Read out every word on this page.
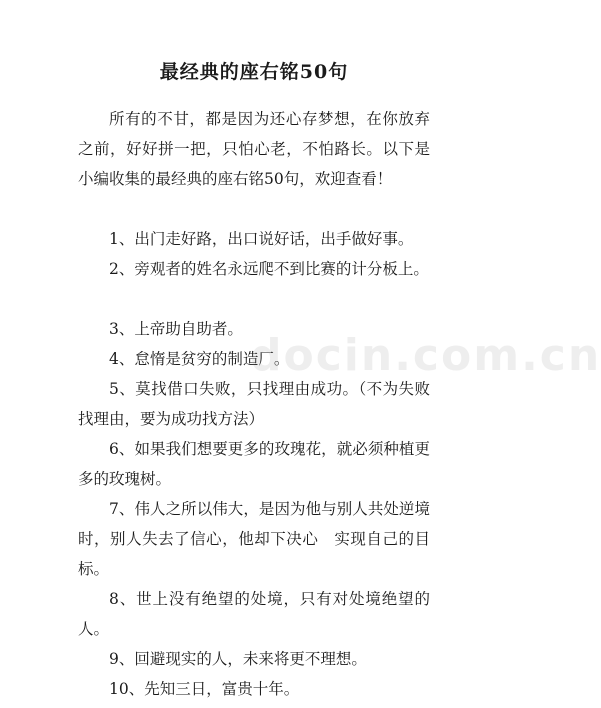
最经典的座右铭50句

所有的不甘，都是因为还心存梦想，在你放弃之前，好好拼一把，只怕心老，不怕路长。以下是小编收集的最经典的座右铭50句，欢迎查看！

1、出门走好路，出口说好话，出手做好事。

2、旁观者的姓名永远爬不到比赛的计分板上。

3、上帝助自助者。

4、怠惰是贫穷的制造厂。

5、莫找借口失败，只找理由成功。（不为失败找理由，要为成功找方法）

6、如果我们想要更多的玫瑰花，就必须种植更多的玫瑰树。

7、伟人之所以伟大，是因为他与别人共处逆境时，别人失去了信心，他却下决心　实现自己的目标。

8、世上没有绝望的处境，只有对处境绝望的人。

9、回避现实的人，未来将更不理想。

10、先知三日，富贵十年。

docin.com.cn
